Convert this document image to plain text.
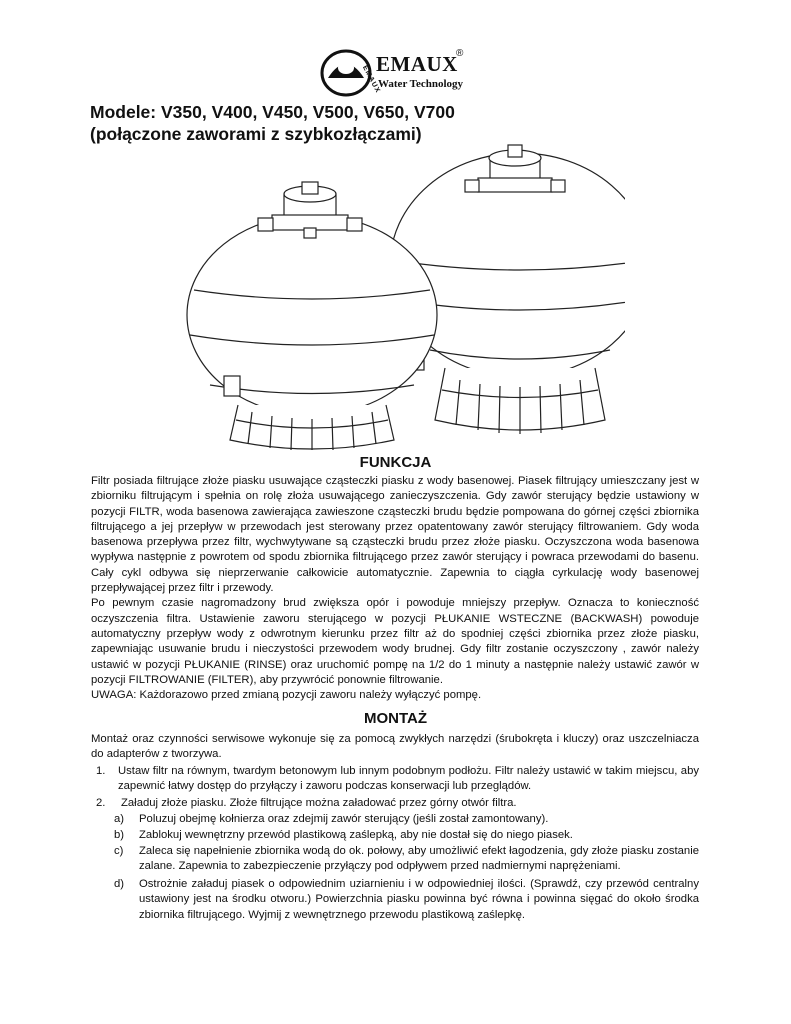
EMAUX
EMAUX
®
Water Technology
Modele: V350, V400, V450, V500, V650, V700
(połączone zaworami z szybkozłączami)
FUNKCJA

Filtr posiada filtrujące złoże piasku usuwające cząsteczki piasku z wody basenowej. Piasek filtrujący umieszczany jest w zbiorniku filtrującym i spełnia on rolę złoża usuwającego zanieczyszczenia. Gdy zawór sterujący będzie ustawiony w pozycji FILTR, woda basenowa zawierająca zawieszone cząsteczki brudu będzie pompowana do górnej części zbiornika filtrującego a jej przepływ w przewodach jest sterowany przez opatentowany zawór sterujący filtrowaniem. Gdy woda basenowa przepływa przez filtr, wychwytywane są cząsteczki brudu przez złoże piasku. Oczyszczona woda basenowa wypływa następnie z powrotem od spodu zbiornika filtrującego przez zawór sterujący i powraca przewodami do basenu. Cały cykl odbywa się nieprzerwanie całkowicie automatycznie. Zapewnia to ciągła cyrkulację wody basenowej przepływającej przez filtr i przewody.

Po pewnym czasie nagromadzony brud zwiększa opór i powoduje mniejszy przepływ. Oznacza to konieczność oczyszczenia filtra. Ustawienie zaworu sterującego w pozycji PŁUKANIE WSTECZNE (BACKWASH) powoduje automatyczny przepływ wody z odwrotnym kierunku przez filtr aż do spodniej części zbiornika przez złoże piasku, zapewniając usuwanie brudu i nieczystości przewodem wody brudnej. Gdy filtr zostanie oczyszczony , zawór należy ustawić w pozycji PŁUKANIE (RINSE) oraz uruchomić pompę na 1/2 do 1 minuty a następnie należy ustawić zawór w pozycji FILTROWANIE (FILTER), aby przywrócić ponownie filtrowanie.

UWAGA: Każdorazowo przed zmianą pozycji zaworu należy wyłączyć pompę.

MONTAŻ

Montaż oraz czynności serwisowe wykonuje się za pomocą zwykłych narzędzi (śrubokręta i kluczy) oraz uszczelniacza do adapterów z tworzywa.

1. Ustaw filtr na równym, twardym betonowym lub innym podobnym podłożu. Filtr należy ustawić w takim miejscu, aby zapewnić łatwy dostęp do przyłączy i zaworu podczas konserwacji lub przeglądów.
2. Załaduj złoże piasku. Złoże filtrujące można załadować przez górny otwór filtra.
a) Poluzuj obejmę kołnierza oraz zdejmij zawór sterujący (jeśli został zamontowany).
b) Zablokuj wewnętrzny przewód plastikową zaślepką, aby nie dostał się do niego piasek.
c) Zaleca się napełnienie zbiornika wodą do ok. połowy, aby umożliwić efekt łagodzenia, gdy złoże piasku zostanie zalane. Zapewnia to zabezpieczenie przyłączy pod odpływem przed nadmiernymi naprężeniami.
d) Ostrożnie załaduj piasek o odpowiednim uziarnieniu i w odpowiedniej ilości. (Sprawdź, czy przewód centralny ustawiony jest na środku otworu.) Powierzchnia piasku powinna być równa i powinna sięgać do około środka zbiornika filtrującego. Wyjmij z wewnętrznego przewodu plastikową zaślepkę.
